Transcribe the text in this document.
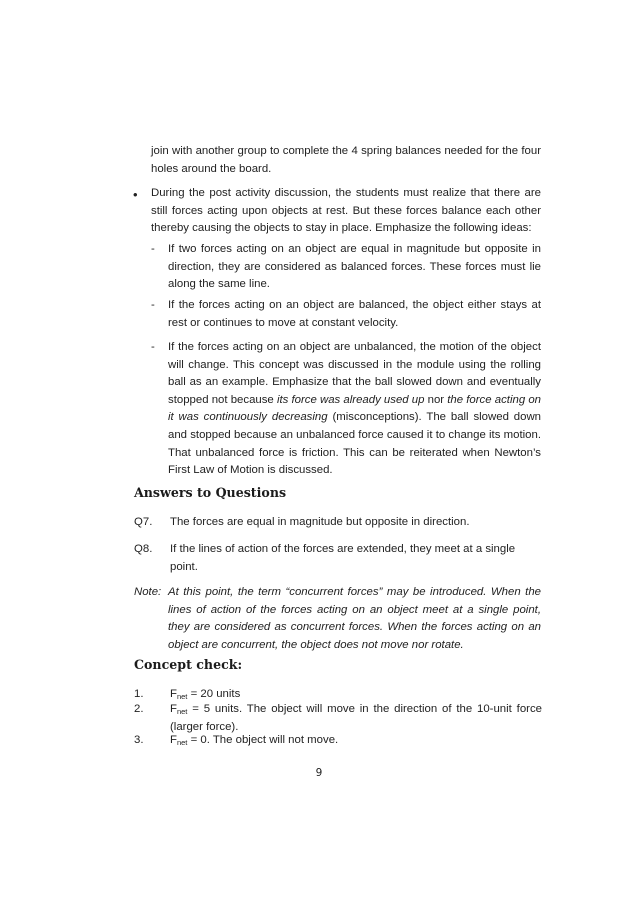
join with another group to complete the 4 spring balances needed for the four holes around the board.

•	During the post activity discussion, the students must realize that there are still forces acting upon objects at rest. But these forces balance each other thereby causing the objects to stay in place. Emphasize the following ideas:

-	If two forces acting on an object are equal in magnitude but opposite in direction, they are considered as balanced forces. These forces must lie along the same line.

-	If the forces acting on an object are balanced, the object either stays at rest or continues to move at constant velocity.

-	If the forces acting on an object are unbalanced, the motion of the object will change. This concept was discussed in the module using the rolling ball as an example. Emphasize that the ball slowed down and eventually stopped not because its force was already used up nor the force acting on it was continuously decreasing (misconceptions). The ball slowed down and stopped because an unbalanced force caused it to change its motion. That unbalanced force is friction. This can be reiterated when Newton’s First Law of Motion is discussed.

Answers to Questions
Q7. The forces are equal in magnitude but opposite in direction.
Q8. If the lines of action of the forces are extended, they meet at a single point.
Note: At this point, the term “concurrent forces” may be introduced. When the lines of action of the forces acting on an object meet at a single point, they are considered as concurrent forces. When the forces acting on an object are concurrent, the object does not move nor rotate.

Concept check:
1. $F_{net} = 20$ units

2. $F_{net} = 5$ units. The object will move in the direction of the 10-unit force (larger force).

3. $F_{net} = 0$. The object will not move.

9
